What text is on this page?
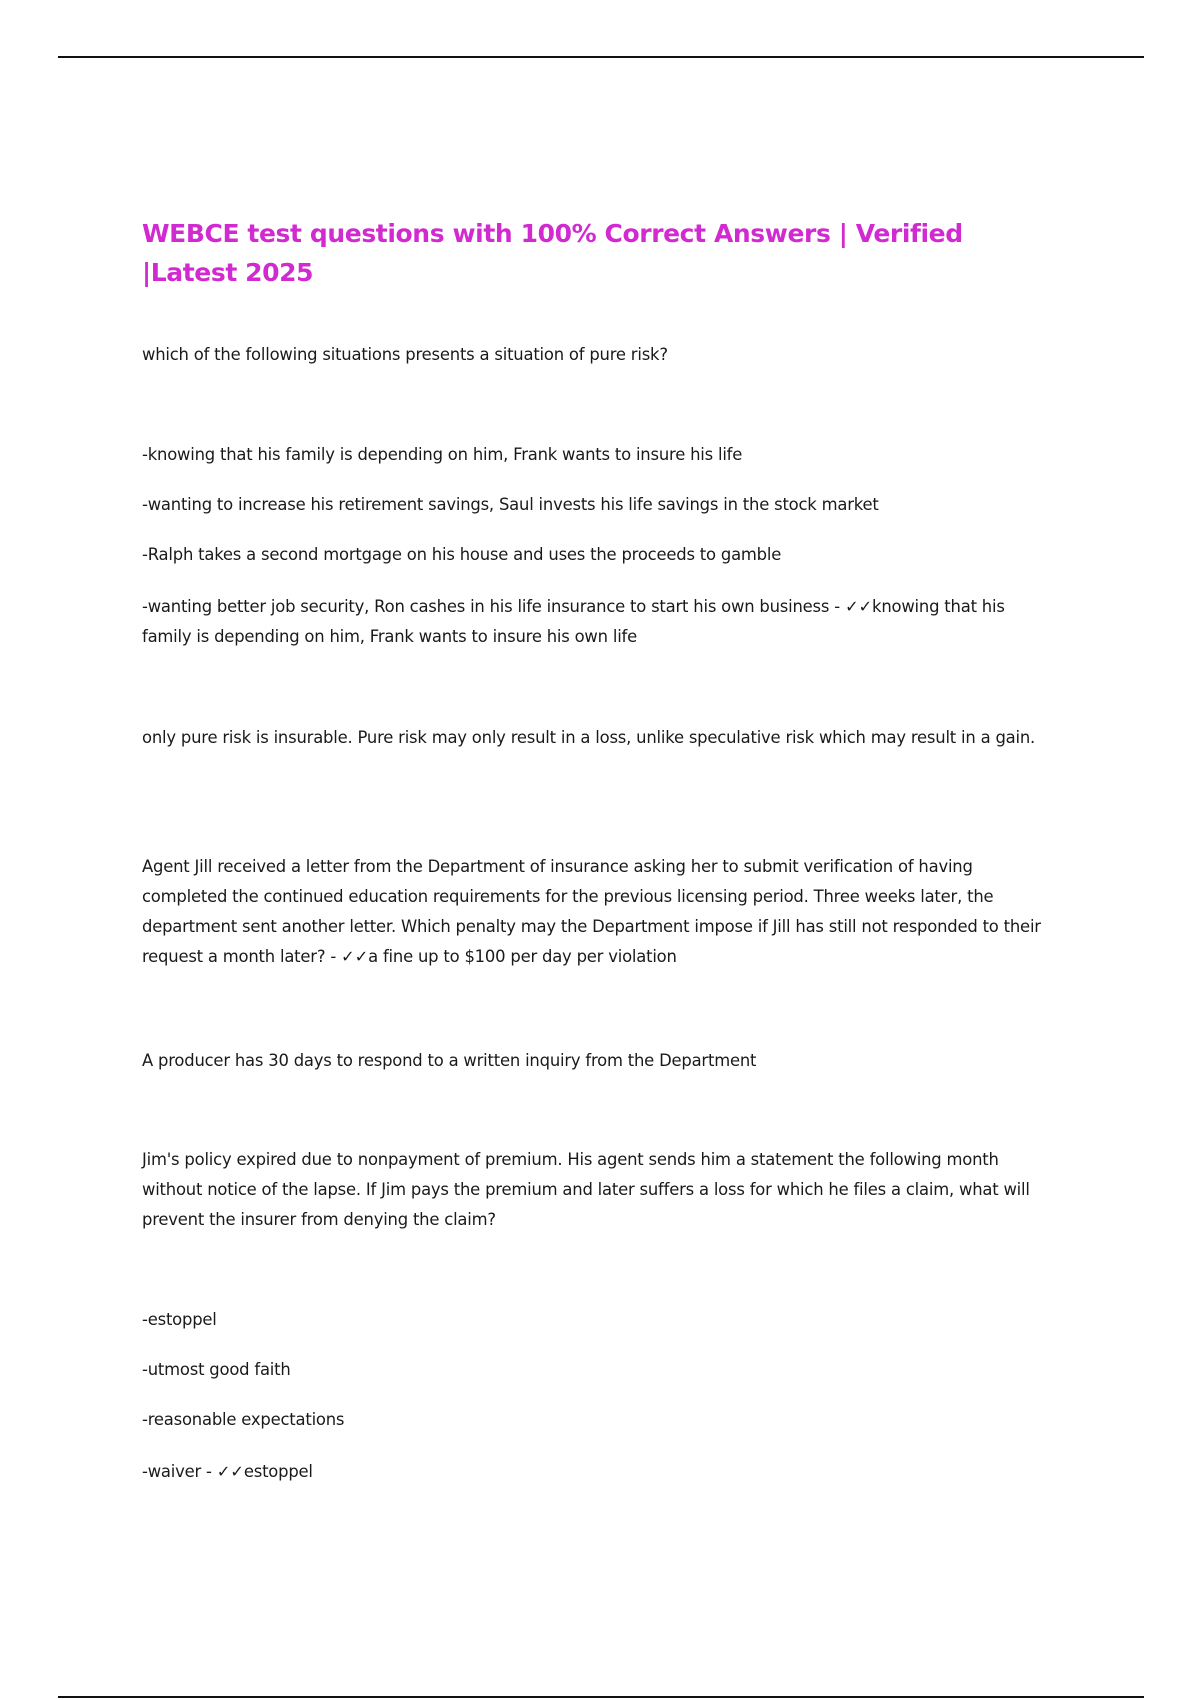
WEBCE test questions with 100% Correct Answers | Verified |Latest 2025

which of the following situations presents a situation of pure risk?

-knowing that his family is depending on him, Frank wants to insure his life

-wanting to increase his retirement savings, Saul invests his life savings in the stock market

-Ralph takes a second mortgage on his house and uses the proceeds to gamble

-wanting better job security, Ron cashes in his life insurance to start his own business - ✓✓knowing that his family is depending on him, Frank wants to insure his own life

only pure risk is insurable. Pure risk may only result in a loss, unlike speculative risk which may result in a gain.

Agent Jill received a letter from the Department of insurance asking her to submit verification of having completed the continued education requirements for the previous licensing period. Three weeks later, the department sent another letter. Which penalty may the Department impose if Jill has still not responded to their request a month later? - ✓✓a fine up to $100 per day per violation

A producer has 30 days to respond to a written inquiry from the Department

Jim's policy expired due to nonpayment of premium. His agent sends him a statement the following month without notice of the lapse. If Jim pays the premium and later suffers a loss for which he files a claim, what will prevent the insurer from denying the claim?

-estoppel

-utmost good faith

-reasonable expectations

-waiver - ✓✓estoppel
